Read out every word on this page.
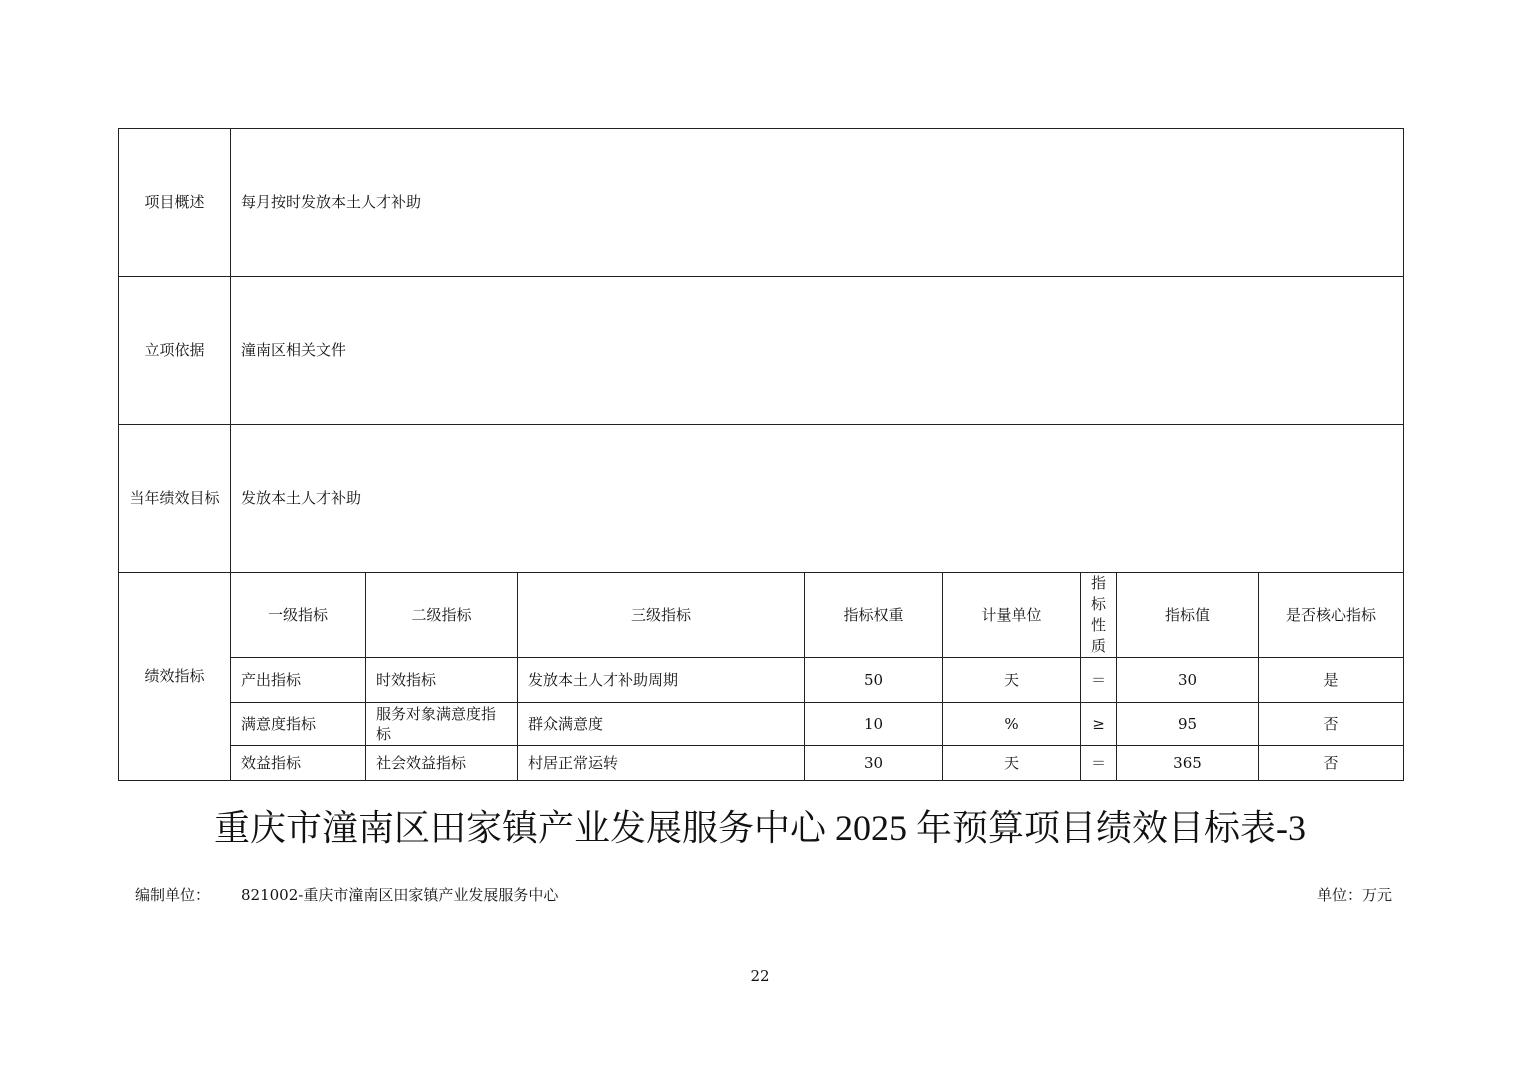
项目概述	每月按时发放本土人才补助							
立项依据	潼南区相关文件							
当年绩效目标	发放本土人才补助							
绩效指标	一级指标	二级指标	三级指标	指标权重	计量单位	指标性质	指标值	是否核心指标
	产出指标	时效指标	发放本土人才补助周期	50	天	＝	30	是
	满意度指标	服务对象满意度指标	群众满意度	10	%	≥	95	否
	效益指标	社会效益指标	村居正常运转	30	天	＝	365	否
重庆市潼南区田家镇产业发展服务中心 2025 年预算项目绩效目标表-3
编制单位： 821002-重庆市潼南区田家镇产业发展服务中心	单位：万元
22
